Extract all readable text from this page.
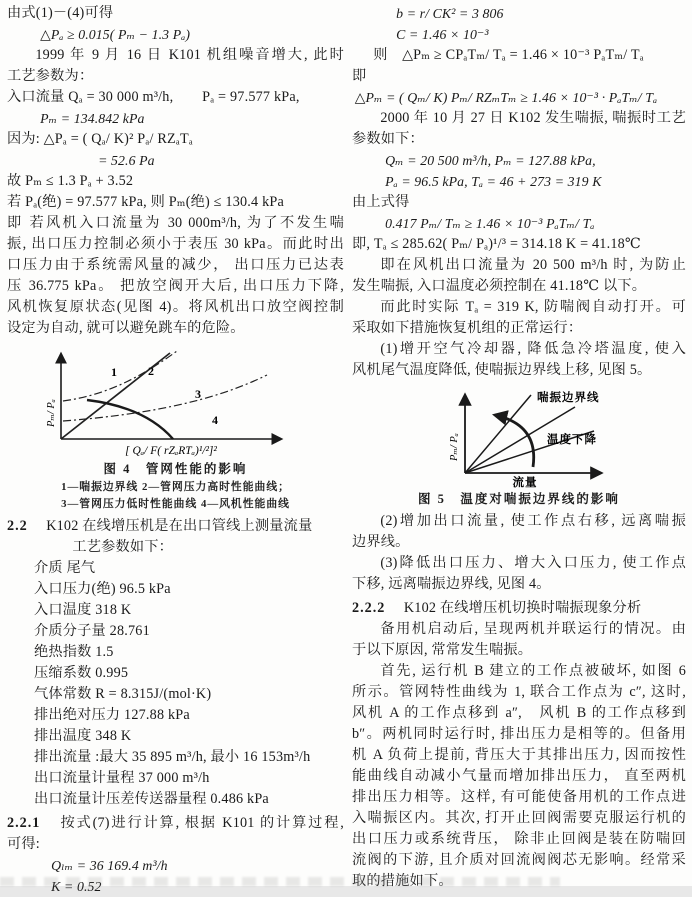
由式(1)－(4)可得
△Pₐ ≥ 0.015( Pₘ − 1.3 Pₐ)
1999 年 9 月 16 日 K101 机组噪音增大, 此时
工艺参数为：
入口流量 Qₐ = 30 000 m³/h,　　Pₐ = 97.577 kPa,
Pₘ = 134.842 kPa
因为: △Pₐ = ( Qₐ/ K)² Pₐ/ RZₐTₐ
= 52.6 Pa
故 Pₘ ≤ 1.3 Pₐ + 3.52
若 Pₐ(绝) = 97.577 kPa, 则 Pₘ(绝) ≤ 130.4 kPa
即 若风机入口流量为 30 000m³/h, 为了不发生喘
振, 出口压力控制必须小于表压 30 kPa。而此时出
口压力由于系统需风量的减少， 出口压力已达表
压 36.775 kPa。 把放空阀开大后, 出口压力下降,
风机恢复原状态(见图 4)。将风机出口放空阀控制
设定为自动, 就可以避免跳车的危险。
1	2
3
4
Pₘ/ Pₐ
[ Qₐ/ F( rZₐRTₐ)¹/²]²
图 4　管网性能的影响
1—喘振边界线 2—管网压力高时性能曲线；
3—管网压力低时性能曲线 4—风机性能曲线
2.2 K102 在线增压机是在出口管线上测量流量
工艺参数如下：
介质 尾气
入口压力(绝) 96.5 kPa
入口温度 318 K
介质分子量 28.761
绝热指数 1.5
压缩系数 0.995
气体常数 R = 8.315J/(mol·K)
排出绝对压力 127.88 kPa
排出温度 348 K
排出流量 :最大 35 895 m³/h, 最小 16 153m³/h
出口流量计量程 37 000 m³/h
出口流量计压差传送器量程 0.486 kPa
2.2.1 按式(7)进行计算, 根据 K101 的计算过程,
可得:
Qₗₘ = 36 169.4 m³/h
K = 0.52
b = r/ CK² = 3 806
C = 1.46 × 10⁻³
则　△Pₘ ≥ CPₐTₘ/ Tₐ = 1.46 × 10⁻³ PₐTₘ/ Tₐ
即
△Pₘ = ( Qₘ/ K) Pₘ/ RZₘTₘ ≥ 1.46 × 10⁻³ · PₐTₘ/ Tₐ
2000 年 10 月 27 日 K102 发生喘振, 喘振时工艺
参数如下：
Qₘ = 20 500 m³/h, Pₘ = 127.88 kPa,
Pₐ = 96.5 kPa, Tₐ = 46 + 273 = 319 K
由上式得
0.417 Pₘ/ Tₘ ≥ 1.46 × 10⁻³ PₐTₘ/ Tₐ
即, Tₐ ≤ 285.62( Pₘ/ Pₐ)¹/³ = 314.18 K = 41.18℃
即在风机出口流量为 20 500 m³/h 时, 为防止
发生喘振, 入口温度必须控制在 41.18℃ 以下。
而此时实际 Tₐ = 319 K, 防喘阀自动打开。可
采取如下措施恢复机组的正常运行：
(1)增开空气冷却器, 降低急冷塔温度, 使入
风机尾气温度降低, 使喘振边界线上移, 见图 5。
喘振边界线
温度下降
Pₘ/ Pₐ
流量
图 5　温度对喘振边界线的影响
(2)增加出口流量, 使工作点右移, 远离喘振
边界线。
(3)降低出口压力、增大入口压力, 使工作点
下移, 远离喘振边界线, 见图 4。
2.2.2 K102 在线增压机切换时喘振现象分析
备用机启动后, 呈现两机并联运行的情况。由
于以下原因, 常常发生喘振。
首先, 运行机 B 建立的工作点被破坏, 如图 6
所示。管网特性曲线为 1, 联合工作点为 c″, 这时,
风机 A 的工作点移到 a″,　风机 B 的工作点移到
b″。两机同时运行时, 排出压力是相等的。但备用
机 A 负荷上提前, 背压大于其排出压力, 因而按性
能曲线自动减小气量而增加排出压力， 直至两机
排出压力相等。这样, 有可能使备用机的工作点进
入喘振区内。其次, 打开止回阀需要克服运行机的
出口压力或系统背压， 除非止回阀是装在防喘回
流阀的下游, 且介质对回流阀阀芯无影响。经常采
取的措施如下。
